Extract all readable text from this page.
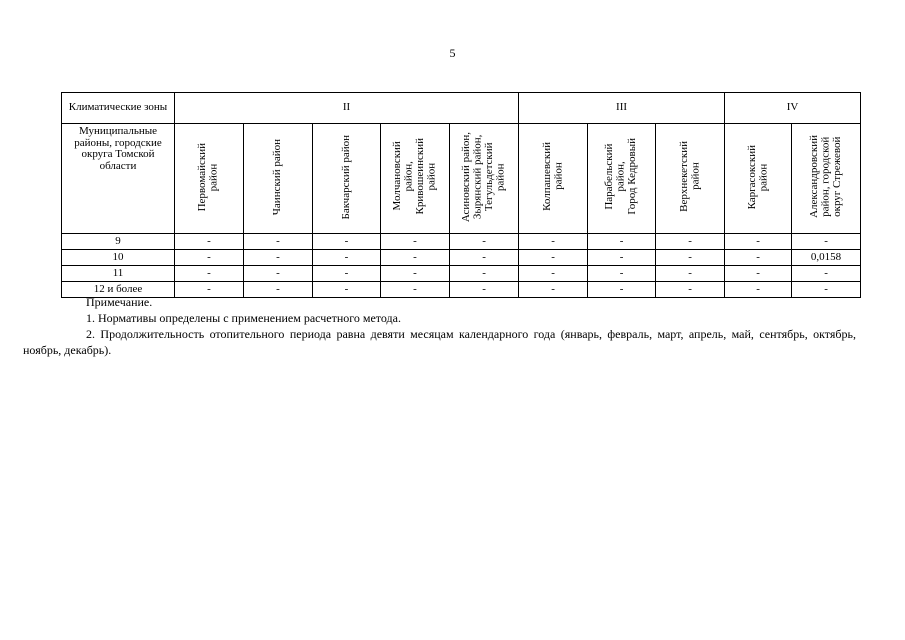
5
Климатические зоны	II					III			IV	
Муниципальные районы, городские округа Томской области	Первомайский
район	Чаинский район	Бакчарский район	Молчановский
район,
Кривошеинский
район	Асиновский район,
Зырянский район,
Тегульдетский
район	Колпашевский
район	Парабельский
район,
Город Кедровый	Верхнекетский
район	Каргасокский
район	Александровский
район, городской
округ Стрежевой
9	-	-	-	-	-	-	-	-	-	-
10	-	-	-	-	-	-	-	-	-	0,0158
11	-	-	-	-	-	-	-	-	-	-
12 и более	-	-	-	-	-	-	-	-	-	-

Примечание.

1. Нормативы определены с применением расчетного метода.

2. Продолжительность отопительного периода равна девяти месяцам календарного года (январь, февраль, март, апрель, май, сентябрь, октябрь, ноябрь, декабрь).
